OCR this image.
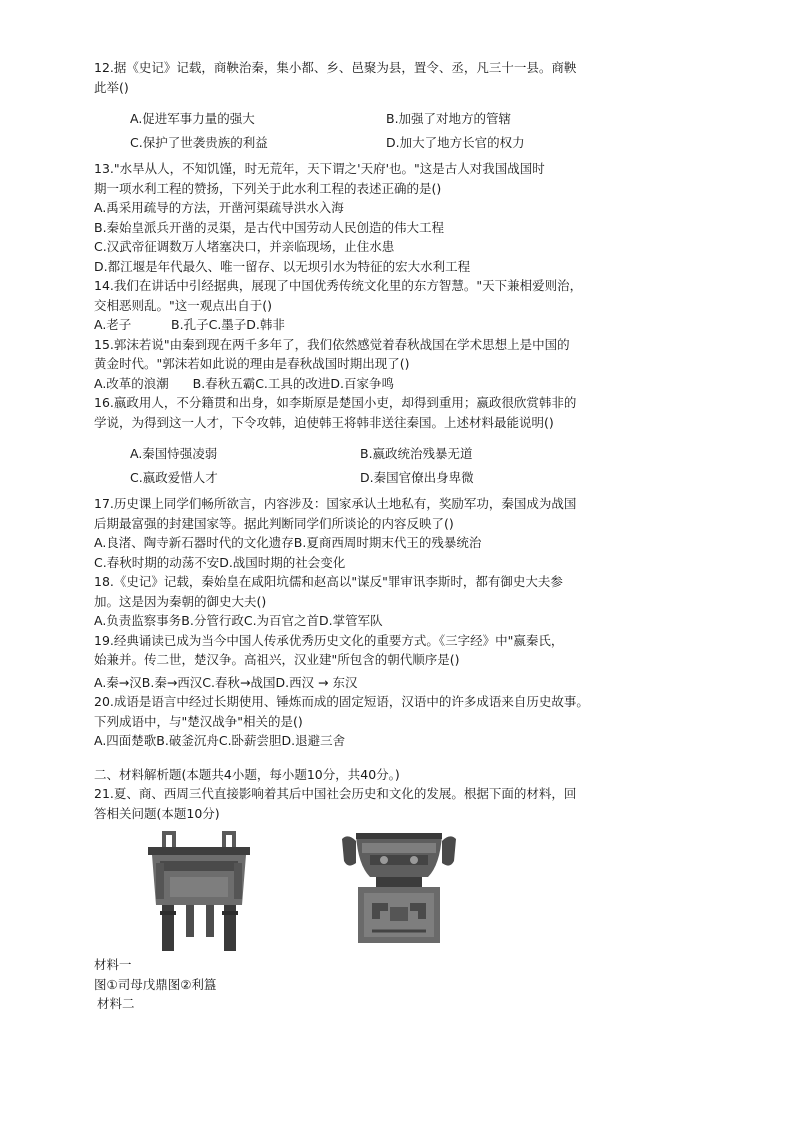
12.据《史记》记载，商鞅治秦，集小都、乡、邑聚为县，置令、丞，凡三十一县。商鞅
此举()
A.促进军事力量的强大	B.加强了对地方的管辖
C.保护了世袭贵族的利益	D.加大了地方长官的权力
13."水旱从人，不知饥馑，时无荒年，天下谓之'天府'也。"这是古人对我国战国时
期一项水利工程的赞扬，下列关于此水利工程的表述正确的是()
A.禹采用疏导的方法，开凿河渠疏导洪水入海
B.秦始皇派兵开凿的灵渠，是古代中国劳动人民创造的伟大工程
C.汉武帝征调数万人堵塞决口，并亲临现场，止住水患
D.都江堰是年代最久、唯一留存、以无坝引水为特征的宏大水利工程
14.我们在讲话中引经据典，展现了中国优秀传统文化里的东方智慧。"天下兼相爱则治，
交相恶则乱。"这一观点出自于()
A.老子          B.孔子C.墨子D.韩非
15.郭沫若说"由秦到现在两千多年了，我们依然感觉着春秋战国在学术思想上是中国的
黄金时代。"郭沫若如此说的理由是春秋战国时期出现了()
A.改革的浪潮      B.春秋五霸C.工具的改进D.百家争鸣
16.嬴政用人，不分籍贯和出身，如李斯原是楚国小吏，却得到重用；嬴政很欣赏韩非的
学说，为得到这一人才，下令攻韩，迫使韩王将韩非送往秦国。上述材料最能说明()
A.秦国恃强凌弱	B.嬴政统治残暴无道
C.嬴政爱惜人才	D.秦国官僚出身卑微
17.历史课上同学们畅所欲言，内容涉及：国家承认土地私有，奖励军功，秦国成为战国
后期最富强的封建国家等。据此判断同学们所谈论的内容反映了()
A.良渚、陶寺新石器时代的文化遗存B.夏商西周时期末代王的残暴统治
C.春秋时期的动荡不安D.战国时期的社会变化
18.《史记》记载，秦始皇在咸阳坑儒和赵高以"谋反"罪审讯李斯时，都有御史大夫参
加。这是因为秦朝的御史大夫()
A.负责监察事务B.分管行政C.为百官之首D.掌管军队
19.经典诵读已成为当今中国人传承优秀历史文化的重要方式。《三字经》中"嬴秦氏，
始兼并。传二世，楚汉争。高祖兴，汉业建"所包含的朝代顺序是()
A.秦→汉B.秦→西汉C.春秋→战国D.西汉 → 东汉
20.成语是语言中经过长期使用、锤炼而成的固定短语，汉语中的许多成语来自历史故事。
下列成语中，与"楚汉战争"相关的是()
A.四面楚歌B.破釜沉舟C.卧薪尝胆D.退避三舍
二、材料解析题(本题共4小题，每小题10分，共40分。)
21.夏、商、西周三代直接影响着其后中国社会历史和文化的发展。根据下面的材料，回
答相关问题(本题10分)
材料一
图①司母戊鼎图②利簋
材料二
